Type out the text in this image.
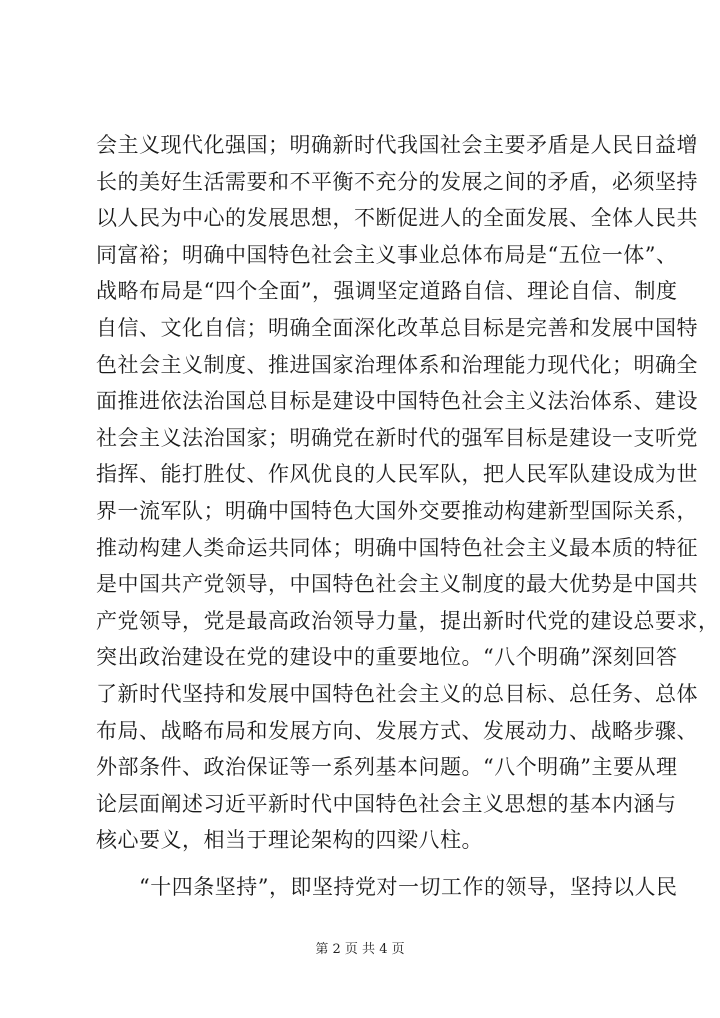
会主义现代化强国；明确新时代我国社会主要矛盾是人民日益增
长的美好生活需要和不平衡不充分的发展之间的矛盾，必须坚持
以人民为中心的发展思想，不断促进人的全面发展、全体人民共
同富裕；明确中国特色社会主义事业总体布局是“五位一体”、
战略布局是“四个全面”，强调坚定道路自信、理论自信、制度
自信、文化自信；明确全面深化改革总目标是完善和发展中国特
色社会主义制度、推进国家治理体系和治理能力现代化；明确全
面推进依法治国总目标是建设中国特色社会主义法治体系、建设
社会主义法治国家；明确党在新时代的强军目标是建设一支听党
指挥、能打胜仗、作风优良的人民军队，把人民军队建设成为世
界一流军队；明确中国特色大国外交要推动构建新型国际关系，
推动构建人类命运共同体；明确中国特色社会主义最本质的特征
是中国共产党领导，中国特色社会主义制度的最大优势是中国共
产党领导，党是最高政治领导力量，提出新时代党的建设总要求，
突出政治建设在党的建设中的重要地位。“八个明确”深刻回答
了新时代坚持和发展中国特色社会主义的总目标、总任务、总体
布局、战略布局和发展方向、发展方式、发展动力、战略步骤、
外部条件、政治保证等一系列基本问题。“八个明确”主要从理
论层面阐述习近平新时代中国特色社会主义思想的基本内涵与
核心要义，相当于理论架构的四梁八柱。
　　“十四条坚持”，即坚持党对一切工作的领导，坚持以人民
第 2 页 共 4 页
